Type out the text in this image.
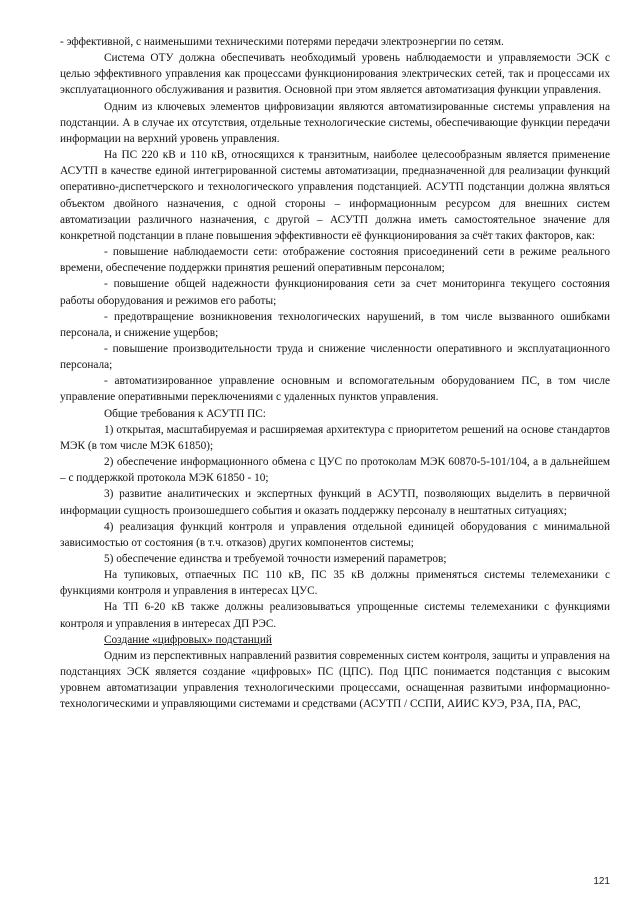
- эффективной, с наименьшими техническими потерями передачи электроэнергии по сетям.

Система ОТУ должна обеспечивать необходимый уровень наблюдаемости и управляемости ЭСК с целью эффективного управления как процессами функционирования электрических сетей, так и процессами их эксплуатационного обслуживания и развития. Основной при этом является автоматизация функции управления.

Одним из ключевых элементов цифровизации являются автоматизированные системы управления на подстанции. А в случае их отсутствия, отдельные технологические системы, обеспечивающие функции передачи информации на верхний уровень управления.

На ПС 220 кВ и 110 кВ, относящихся к транзитным, наиболее целесообразным является применение АСУТП в качестве единой интегрированной системы автоматизации, предназначенной для реализации функций оперативно-диспетчерского и технологического управления подстанцией. АСУТП подстанции должна являться объектом двойного назначения, с одной стороны – информационным ресурсом для внешних систем автоматизации различного назначения, с другой – АСУТП должна иметь самостоятельное значение для конкретной подстанции в плане повышения эффективности её функционирования за счёт таких факторов, как:

- повышение наблюдаемости сети: отображение состояния присоединений сети в режиме реального времени, обеспечение поддержки принятия решений оперативным персоналом;

- повышение общей надежности функционирования сети за счет мониторинга текущего состояния работы оборудования и режимов его работы;

- предотвращение возникновения технологических нарушений, в том числе вызванного ошибками персонала, и снижение ущербов;

- повышение производительности труда и снижение численности оперативного и эксплуатационного персонала;

- автоматизированное управление основным и вспомогательным оборудованием ПС, в том числе управление оперативными переключениями с удаленных пунктов управления.

Общие требования к АСУТП ПС:

1) открытая, масштабируемая и расширяемая архитектура с приоритетом решений на основе стандартов МЭК (в том числе МЭК 61850);

2) обеспечение информационного обмена с ЦУС по протоколам МЭК 60870-5-101/104, а в дальнейшем – с поддержкой протокола МЭК 61850 - 10;

3) развитие аналитических и экспертных функций в АСУТП, позволяющих выделить в первичной информации сущность произошедшего события и оказать поддержку персоналу в нештатных ситуациях;

4) реализация функций контроля и управления отдельной единицей оборудования с минимальной зависимостью от состояния (в т.ч. отказов) других компонентов системы;

5) обеспечение единства и требуемой точности измерений параметров;

На тупиковых, отпаечных ПС 110 кВ, ПС 35 кВ должны применяться системы телемеханики с функциями контроля и управления в интересах ЦУС.

На ТП 6-20 кВ также должны реализовываться упрощенные системы телемеханики с функциями контроля и управления в интересах ДП РЭС.

Создание «цифровых» подстанций

Одним из перспективных направлений развития современных систем контроля, защиты и управления на подстанциях ЭСК является создание «цифровых» ПС (ЦПС). Под ЦПС понимается подстанция с высоким уровнем автоматизации управления технологическими процессами, оснащенная развитыми информационно-технологическими и управляющими системами и средствами (АСУТП / ССПИ, АИИС КУЭ, РЗА, ПА, РАС,

121
